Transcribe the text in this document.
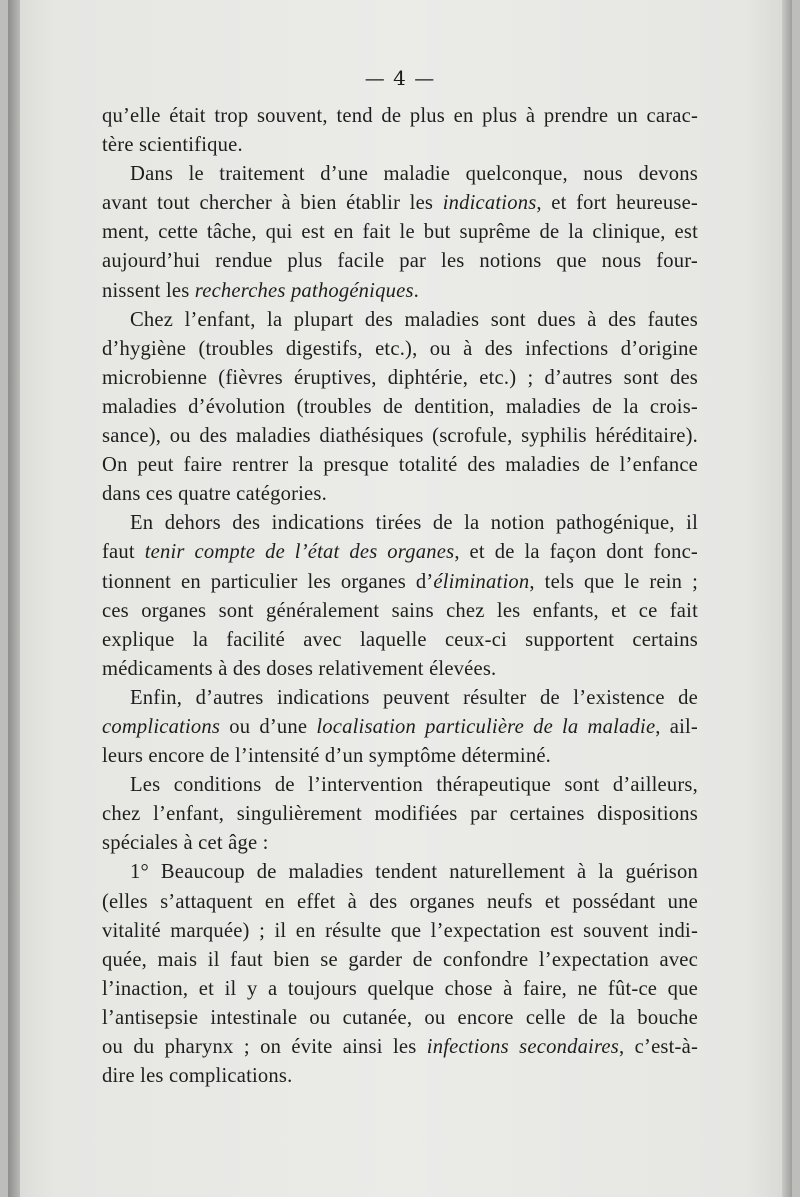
— 4 —
qu’elle était trop souvent, tend de plus en plus à prendre un carac-
tère scientifique.
Dans le traitement d’une maladie quelconque, nous devons
avant tout chercher à bien établir les indications, et fort heureuse-
ment, cette tâche, qui est en fait le but suprême de la clinique, est
aujourd’hui rendue plus facile par les notions que nous four-
nissent les recherches pathogéniques.
Chez l’enfant, la plupart des maladies sont dues à des fautes
d’hygiène (troubles digestifs, etc.), ou à des infections d’origine
microbienne (fièvres éruptives, diphtérie, etc.) ; d’autres sont des
maladies d’évolution (troubles de dentition, maladies de la crois-
sance), ou des maladies diathésiques (scrofule, syphilis héréditaire).
On peut faire rentrer la presque totalité des maladies de l’enfance
dans ces quatre catégories.
En dehors des indications tirées de la notion pathogénique, il
faut tenir compte de l’état des organes, et de la façon dont fonc-
tionnent en particulier les organes d’élimination, tels que le rein ;
ces organes sont généralement sains chez les enfants, et ce fait
explique la facilité avec laquelle ceux-ci supportent certains
médicaments à des doses relativement élevées.
Enfin, d’autres indications peuvent résulter de l’existence de
complications ou d’une localisation particulière de la maladie, ail-
leurs encore de l’intensité d’un symptôme déterminé.
Les conditions de l’intervention thérapeutique sont d’ailleurs,
chez l’enfant, singulièrement modifiées par certaines dispositions
spéciales à cet âge :
1° Beaucoup de maladies tendent naturellement à la guérison
(elles s’attaquent en effet à des organes neufs et possédant une
vitalité marquée) ; il en résulte que l’expectation est souvent indi-
quée, mais il faut bien se garder de confondre l’expectation avec
l’inaction, et il y a toujours quelque chose à faire, ne fût-ce que
l’antisepsie intestinale ou cutanée, ou encore celle de la bouche
ou du pharynx ; on évite ainsi les infections secondaires, c’est-à-
dire les complications.
